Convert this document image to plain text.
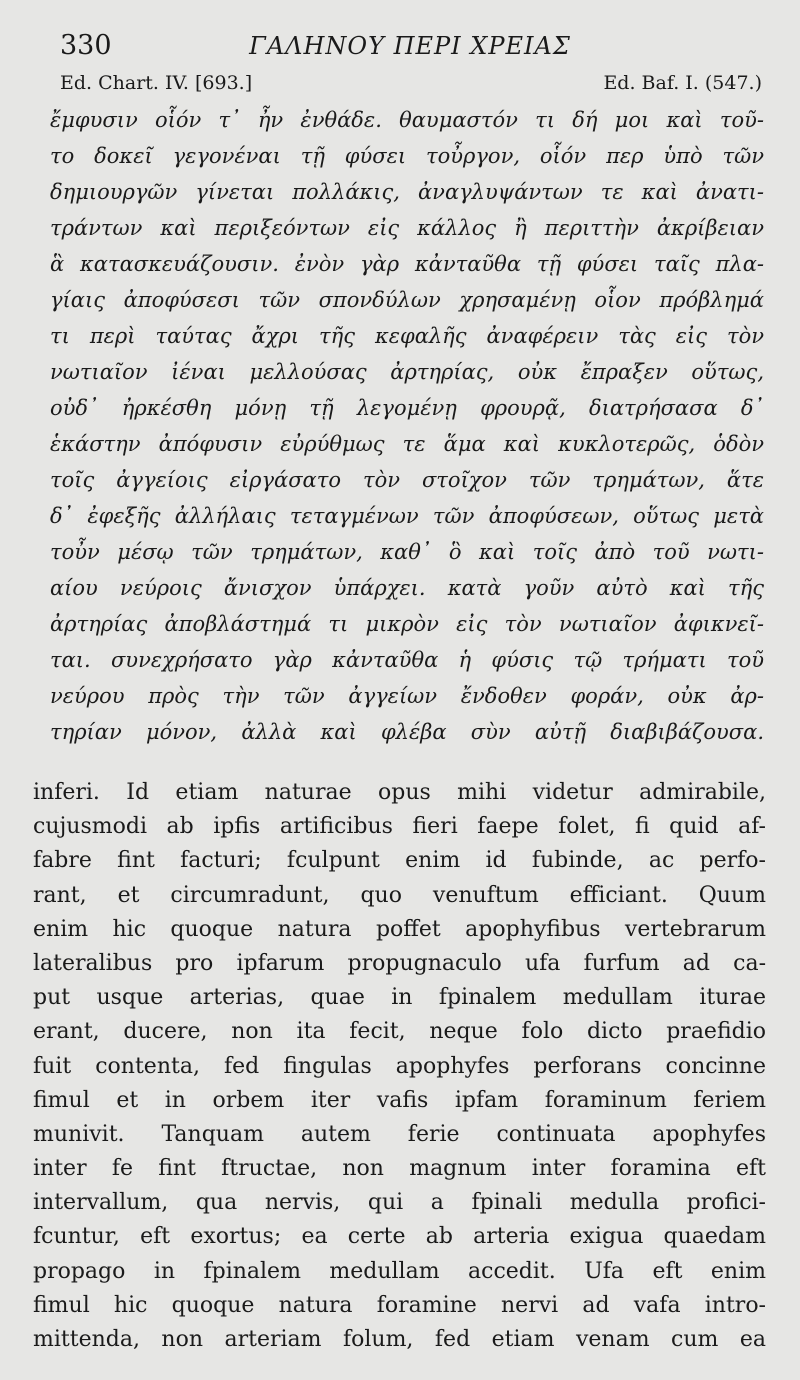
330	ΓΑΛΗΝΟΥ ΠΕΡΙ ΧΡΕΙΑΣ
Ed. Chart. IV. [693.]	Ed. Baf. I. (547.)
ἔμφυσιν οἷόν τ᾿ ἦν ἐνθάδε. θαυμαστόν τι δή μοι καὶ τοῦ-
το δοκεῖ γεγονέναι τῇ φύσει τοὖργον, οἷόν περ ὑπὸ τῶν
δημιουργῶν γίνεται πολλάκις, ἀναγλυψάντων τε καὶ ἀνατι-
τράντων καὶ περιξεόντων εἰς κάλλος ἢ περιττὴν ἀκρίβειαν
ἃ κατασκευάζουσιν. ἐνὸν γὰρ κἀνταῦθα τῇ φύσει ταῖς πλα-
γίαις ἀποφύσεσι τῶν σπονδύλων χρησαμένῃ οἷον πρόβλημά
τι περὶ ταύτας ἄχρι τῆς κεφαλῆς ἀναφέρειν τὰς εἰς τὸν
νωτιαῖον ἰέναι μελλούσας ἀρτηρίας, οὐκ ἔπραξεν οὕτως,
οὐδ᾿ ἠρκέσθη μόνῃ τῇ λεγομένῃ φρουρᾷ, διατρήσασα δ᾿
ἑκάστην ἀπόφυσιν εὐρύθμως τε ἅμα καὶ κυκλοτερῶς, ὁδὸν
τοῖς ἀγγείοις εἰργάσατο τὸν στοῖχον τῶν τρημάτων, ἅτε
δ᾿ ἐφεξῆς ἀλλήλαις τεταγμένων τῶν ἀποφύσεων, οὕτως μετὰ
τοὖν μέσῳ τῶν τρημάτων, καθ᾿ ὃ καὶ τοῖς ἀπὸ τοῦ νωτι-
αίου νεύροις ἄνισχον ὑπάρχει. κατὰ γοῦν αὐτὸ καὶ τῆς
ἀρτηρίας ἀποβλάστημά τι μικρὸν εἰς τὸν νωτιαῖον ἀφικνεῖ-
ται. συνεχρήσατο γὰρ κἀνταῦθα ἡ φύσις τῷ τρήματι τοῦ
νεύρου πρὸς τὴν τῶν ἀγγείων ἔνδοθεν φοράν, οὐκ ἀρ-
τηρίαν μόνον, ἀλλὰ καὶ φλέβα σὺν αὐτῇ διαβιβάζουσα.
inferi. Id etiam naturae opus mihi videtur admirabile,
cujusmodi ab ipfis artificibus fieri faepe folet, fi quid af-
fabre fint facturi; fculpunt enim id fubinde, ac perfo-
rant, et circumradunt, quo venuftum efficiant. Quum
enim hic quoque natura poffet apophyfibus vertebrarum
lateralibus pro ipfarum propugnaculo ufa furfum ad ca-
put usque arterias, quae in fpinalem medullam iturae
erant, ducere, non ita fecit, neque folo dicto praefidio
fuit contenta, fed fingulas apophyfes perforans concinne
fimul et in orbem iter vafis ipfam foraminum feriem
munivit. Tanquam autem ferie continuata apophyfes
inter fe fint ftructae, non magnum inter foramina eft
intervallum, qua nervis, qui a fpinali medulla profici-
fcuntur, eft exortus; ea certe ab arteria exigua quaedam
propago in fpinalem medullam accedit. Ufa eft enim
fimul hic quoque natura foramine nervi ad vafa intro-
mittenda, non arteriam folum, fed etiam venam cum ea
